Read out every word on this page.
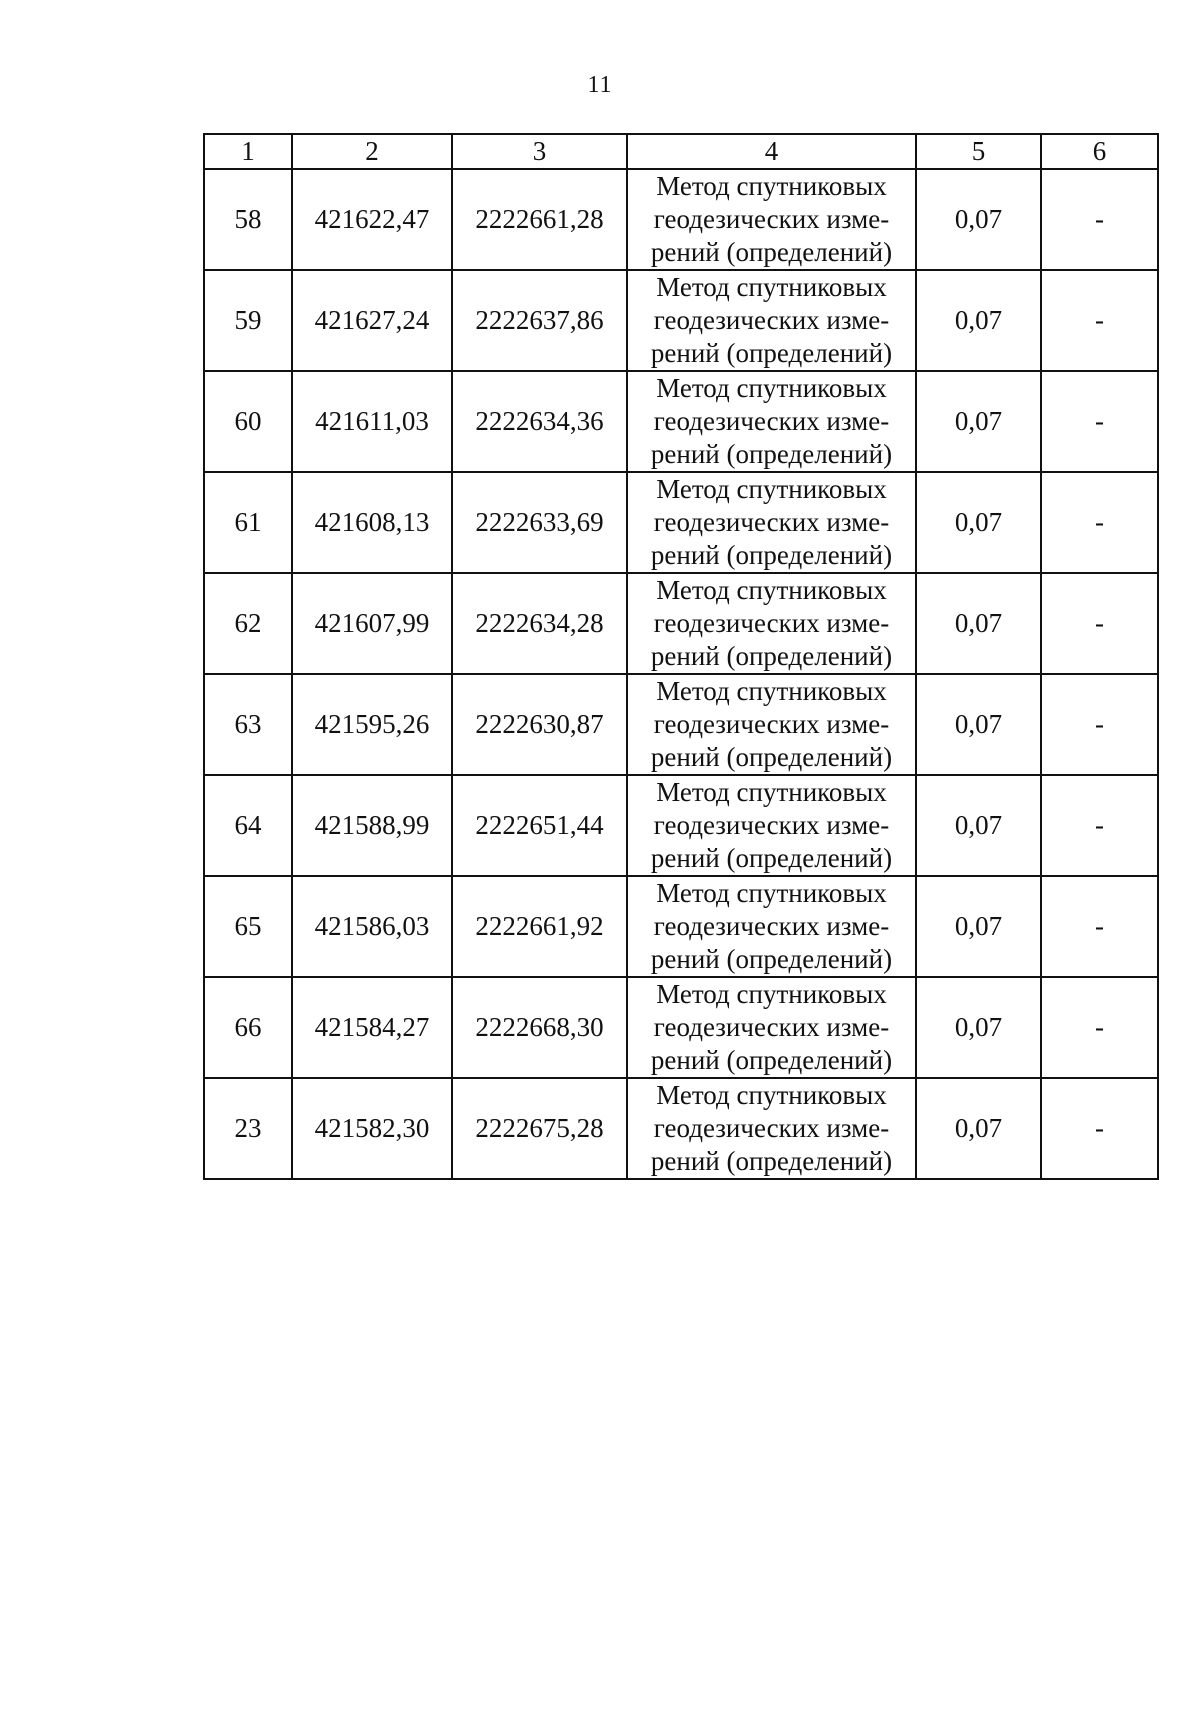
11
1	2	3	4	5	6
58	421622,47	2222661,28	Метод спутниковых
геодезических изме-
рений (определений)	0,07	-
59	421627,24	2222637,86	Метод спутниковых
геодезических изме-
рений (определений)	0,07	-
60	421611,03	2222634,36	Метод спутниковых
геодезических изме-
рений (определений)	0,07	-
61	421608,13	2222633,69	Метод спутниковых
геодезических изме-
рений (определений)	0,07	-
62	421607,99	2222634,28	Метод спутниковых
геодезических изме-
рений (определений)	0,07	-
63	421595,26	2222630,87	Метод спутниковых
геодезических изме-
рений (определений)	0,07	-
64	421588,99	2222651,44	Метод спутниковых
геодезических изме-
рений (определений)	0,07	-
65	421586,03	2222661,92	Метод спутниковых
геодезических изме-
рений (определений)	0,07	-
66	421584,27	2222668,30	Метод спутниковых
геодезических изме-
рений (определений)	0,07	-
23	421582,30	2222675,28	Метод спутниковых
геодезических изме-
рений (определений)	0,07	-
